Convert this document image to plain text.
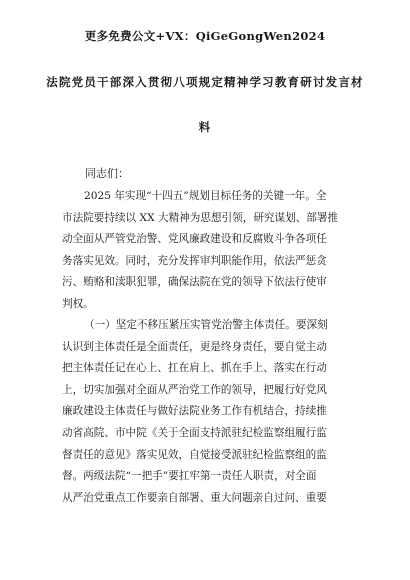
更多免费公文+VX：QiGeGongWen2024
法院党员干部深入贯彻八项规定精神学习教育研讨发言材
料
同志们：
2025 年实现“十四五”规划目标任务的关键一年。全
市法院要持续以 XX 大精神为思想引领，研究谋划、部署推
动全面从严管党治警、党风廉政建设和反腐败斗争各项任
务落实见效。同时，充分发挥审判职能作用，依法严惩贪
污、贿赂和渎职犯罪，确保法院在党的领导下依法行使审
判权。
（一）坚定不移压紧压实管党治警主体责任。要深刻
认识到主体责任是全面责任，更是终身责任，要自觉主动
把主体责任记在心上、扛在肩上、抓在手上、落实在行动
上，切实加强对全面从严治党工作的领导，把履行好党风
廉政建设主体责任与做好法院业务工作有机结合，持续推
动省高院、市中院《关于全面支持派驻纪检监察组履行监
督责任的意见》落实见效，自觉接受派驻纪检监察组的监
督。两级法院“一把手”要扛牢第一责任人职责，对全面
从严治党重点工作要亲自部署、重大问题亲自过问、重要
